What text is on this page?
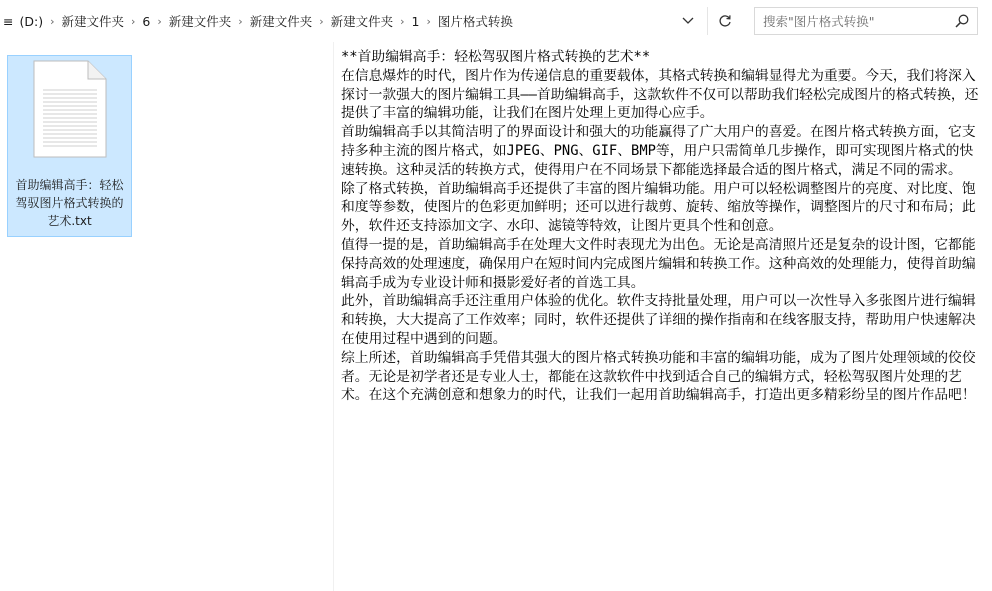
≡ (D:) › 新建文件夹 › 6 › 新建文件夹 › 新建文件夹 › 新建文件夹 › 1 › 图片格式转换	搜索"图片格式转换"
首助编辑高手：轻松驾驭图片格式转换的艺术.txt

**首助编辑高手：轻松驾驭图片格式转换的艺术**

在信息爆炸的时代，图片作为传递信息的重要载体，其格式转换和编辑显得尤为重要。今天，我们将深入探讨一款强大的图片编辑工具——首助编辑高手，这款软件不仅可以帮助我们轻松完成图片的格式转换，还提供了丰富的编辑功能，让我们在图片处理上更加得心应手。

首助编辑高手以其简洁明了的界面设计和强大的功能赢得了广大用户的喜爱。在图片格式转换方面，它支持多种主流的图片格式，如JPEG、PNG、GIF、BMP等，用户只需简单几步操作，即可实现图片格式的快速转换。这种灵活的转换方式，使得用户在不同场景下都能选择最合适的图片格式，满足不同的需求。

除了格式转换，首助编辑高手还提供了丰富的图片编辑功能。用户可以轻松调整图片的亮度、对比度、饱和度等参数，使图片的色彩更加鲜明；还可以进行裁剪、旋转、缩放等操作，调整图片的尺寸和布局；此外，软件还支持添加文字、水印、滤镜等特效，让图片更具个性和创意。

值得一提的是，首助编辑高手在处理大文件时表现尤为出色。无论是高清照片还是复杂的设计图，它都能保持高效的处理速度，确保用户在短时间内完成图片编辑和转换工作。这种高效的处理能力，使得首助编辑高手成为专业设计师和摄影爱好者的首选工具。

此外，首助编辑高手还注重用户体验的优化。软件支持批量处理，用户可以一次性导入多张图片进行编辑和转换，大大提高了工作效率；同时，软件还提供了详细的操作指南和在线客服支持，帮助用户快速解决在使用过程中遇到的问题。

综上所述，首助编辑高手凭借其强大的图片格式转换功能和丰富的编辑功能，成为了图片处理领域的佼佼者。无论是初学者还是专业人士，都能在这款软件中找到适合自己的编辑方式，轻松驾驭图片处理的艺术。在这个充满创意和想象力的时代，让我们一起用首助编辑高手，打造出更多精彩纷呈的图片作品吧！
